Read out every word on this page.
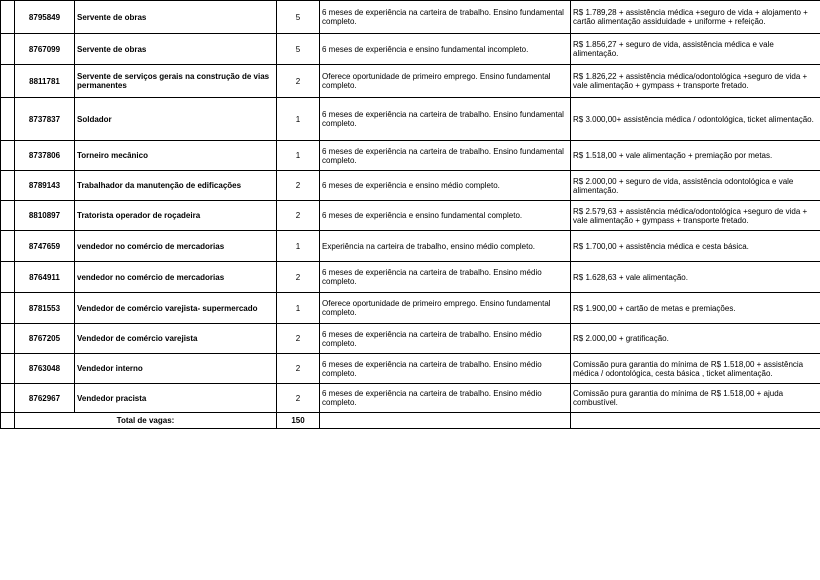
	8795849	Servente de obras	5	6 meses de experiência na carteira de trabalho. Ensino fundamental completo.	R$ 1.789,28 + assistência médica +seguro de vida + alojamento + cartão alimentação assiduidade + uniforme + refeição.
	8767099	Servente de obras	5	6 meses de experiência e ensino fundamental incompleto.	R$ 1.856,27 + seguro de vida, assistência médica e vale alimentação.
	8811781	Servente de serviços gerais na construção de vias permanentes	2	Oferece oportunidade de primeiro emprego. Ensino fundamental completo.	R$ 1.826,22 + assistência médica/odontológica +seguro de vida + vale alimentação + gympass + transporte fretado.
	8737837	Soldador	1	6 meses de experiência na carteira de trabalho. Ensino fundamental completo.	R$ 3.000,00+ assistência médica / odontológica, ticket alimentação.
	8737806	Torneiro mecânico	1	6 meses de experiência na carteira de trabalho. Ensino fundamental completo.	R$ 1.518,00 + vale alimentação + premiação por metas.
	8789143	Trabalhador da manutenção de edificações	2	6 meses de experiência e ensino médio completo.	R$ 2.000,00 + seguro de vida, assistência odontológica e vale alimentação.
	8810897	Tratorista operador de roçadeira	2	6 meses de experiência e ensino fundamental completo.	R$ 2.579,63 + assistência médica/odontológica +seguro de vida + vale alimentação + gympass + transporte fretado.
	8747659	vendedor no comércio de mercadorias	1	Experiência na carteira de trabalho, ensino médio completo.	R$ 1.700,00 + assistência médica e cesta básica.
	8764911	vendedor no comércio de mercadorias	2	6 meses de experiência na carteira de trabalho. Ensino médio completo.	R$ 1.628,63 + vale alimentação.
	8781553	Vendedor de comércio varejista- supermercado	1	Oferece oportunidade de primeiro emprego. Ensino fundamental completo.	R$ 1.900,00 + cartão de metas e premiações.
	8767205	Vendedor de comércio varejista	2	6 meses de experiência na carteira de trabalho. Ensino médio completo.	R$ 2.000,00 + gratificação.
	8763048	Vendedor interno	2	6 meses de experiência na carteira de trabalho. Ensino médio completo.	Comissão pura garantia do mínima de R$ 1.518,00 + assistência médica / odontológica, cesta básica , ticket alimentação.
	8762967	Vendedor pracista	2	6 meses de experiência na carteira de trabalho. Ensino médio completo.	Comissão pura garantia do mínima de R$ 1.518,00 + ajuda combustível.
	Total de vagas:		150		
